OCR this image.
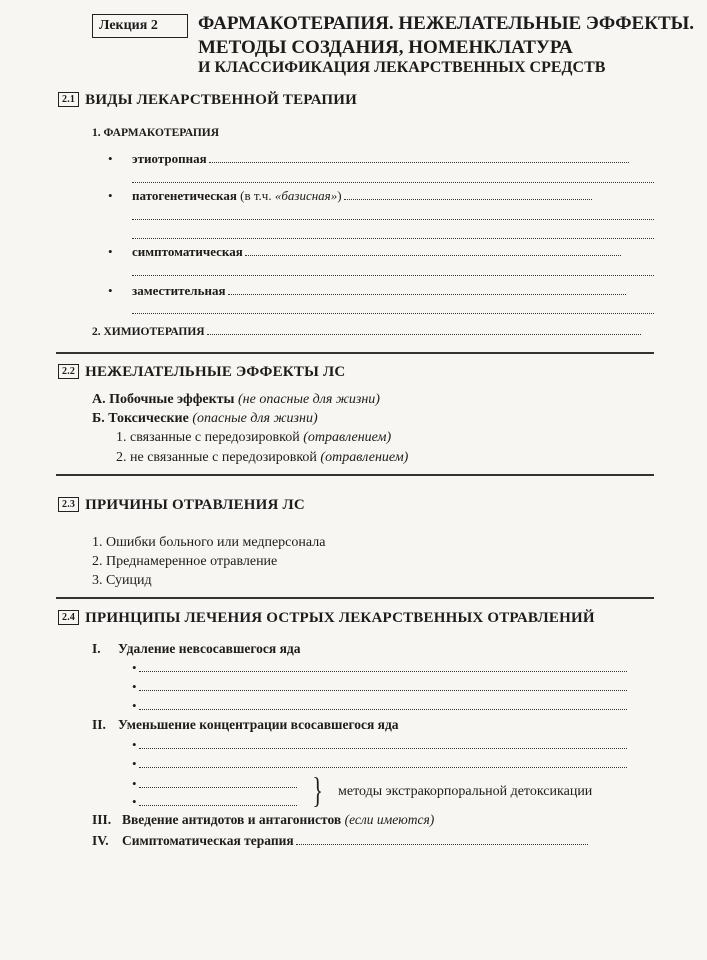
Лекция 2	ФАРМАКОТЕРАПИЯ. НЕЖЕЛАТЕЛЬНЫЕ ЭФФЕКТЫ.
МЕТОДЫ СОЗДАНИЯ, НОМЕНКЛАТУРА
И КЛАССИФИКАЦИЯ ЛЕКАРСТВЕННЫХ СРЕДСТВ
2.1 ВИДЫ ЛЕКАРСТВЕННОЙ ТЕРАПИИ
1. ФАРМАКОТЕРАПИЯ
• этиотропная
• патогенетическая (в т.ч. «базисная»)
• симптоматическая
• заместительная
2. ХИМИОТЕРАПИЯ
2.2 НЕЖЕЛАТЕЛЬНЫЕ ЭФФЕКТЫ ЛС
А. Побочные эффекты (не опасные для жизни)
Б. Токсические (опасные для жизни)
1. связанные с передозировкой (отравлением)
2. не связанные с передозировкой (отравлением)
2.3 ПРИЧИНЫ ОТРАВЛЕНИЯ ЛС
1. Ошибки больного или медперсонала
2. Преднамеренное отравление
3. Суицид
2.4 ПРИНЦИПЫ ЛЕЧЕНИЯ ОСТРЫХ ЛЕКАРСТВЕННЫХ ОТРАВЛЕНИЙ
I. Удаление невсосавшегося яда
•
•
•
II. Уменьшение концентрации всосавшегося яда
•
•
•
•	} методы экстракорпоральной детоксикации
III. Введение антидотов и антагонистов (если имеются)
IV. Симптоматическая терапия
